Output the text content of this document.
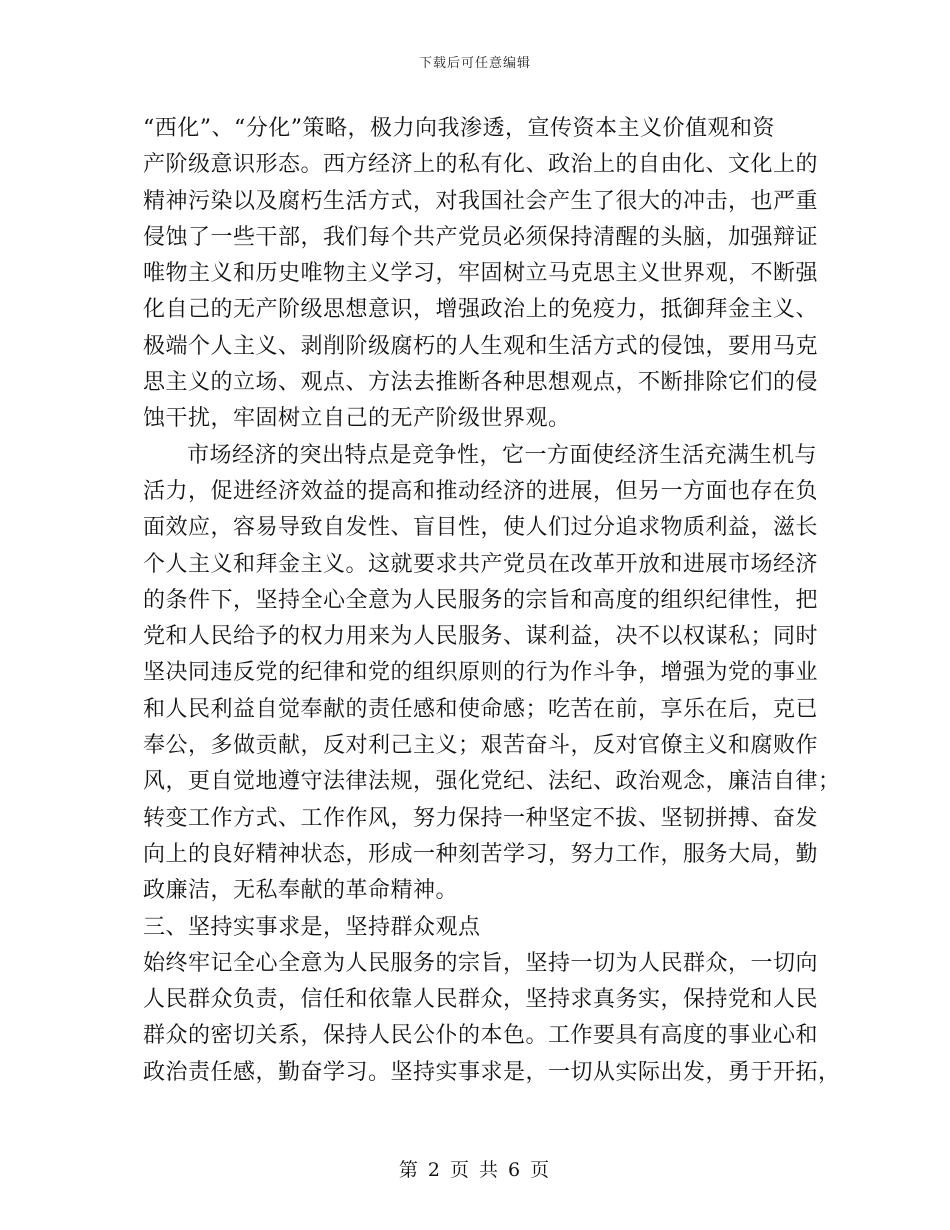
下载后可任意编辑
“西化”、“分化”策略，极力向我渗透，宣传资本主义价值观和资
产阶级意识形态。西方经济上的私有化、政治上的自由化、文化上的
精神污染以及腐朽生活方式，对我国社会产生了很大的冲击，也严重
侵蚀了一些干部，我们每个共产党员必须保持清醒的头脑，加强辩证
唯物主义和历史唯物主义学习，牢固树立马克思主义世界观，不断强
化自己的无产阶级思想意识，增强政治上的免疫力，抵御拜金主义、
极端个人主义、剥削阶级腐朽的人生观和生活方式的侵蚀，要用马克
思主义的立场、观点、方法去推断各种思想观点，不断排除它们的侵
蚀干扰，牢固树立自己的无产阶级世界观。
市场经济的突出特点是竞争性，它一方面使经济生活充满生机与
活力，促进经济效益的提高和推动经济的进展，但另一方面也存在负
面效应，容易导致自发性、盲目性，使人们过分追求物质利益，滋长
个人主义和拜金主义。这就要求共产党员在改革开放和进展市场经济
的条件下，坚持全心全意为人民服务的宗旨和高度的组织纪律性，把
党和人民给予的权力用来为人民服务、谋利益，决不以权谋私；同时
坚决同违反党的纪律和党的组织原则的行为作斗争，增强为党的事业
和人民利益自觉奉献的责任感和使命感；吃苦在前，享乐在后，克已
奉公，多做贡献，反对利己主义；艰苦奋斗，反对官僚主义和腐败作
风，更自觉地遵守法律法规，强化党纪、法纪、政治观念，廉洁自律；
转变工作方式、工作作风，努力保持一种坚定不拔、坚韧拼搏、奋发
向上的良好精神状态，形成一种刻苦学习，努力工作，服务大局，勤
政廉洁，无私奉献的革命精神。
三、坚持实事求是，坚持群众观点
始终牢记全心全意为人民服务的宗旨，坚持一切为人民群众，一切向
人民群众负责，信任和依靠人民群众，坚持求真务实，保持党和人民
群众的密切关系，保持人民公仆的本色。工作要具有高度的事业心和
政治责任感，勤奋学习。坚持实事求是，一切从实际出发，勇于开拓，
第 2 页 共 6 页
